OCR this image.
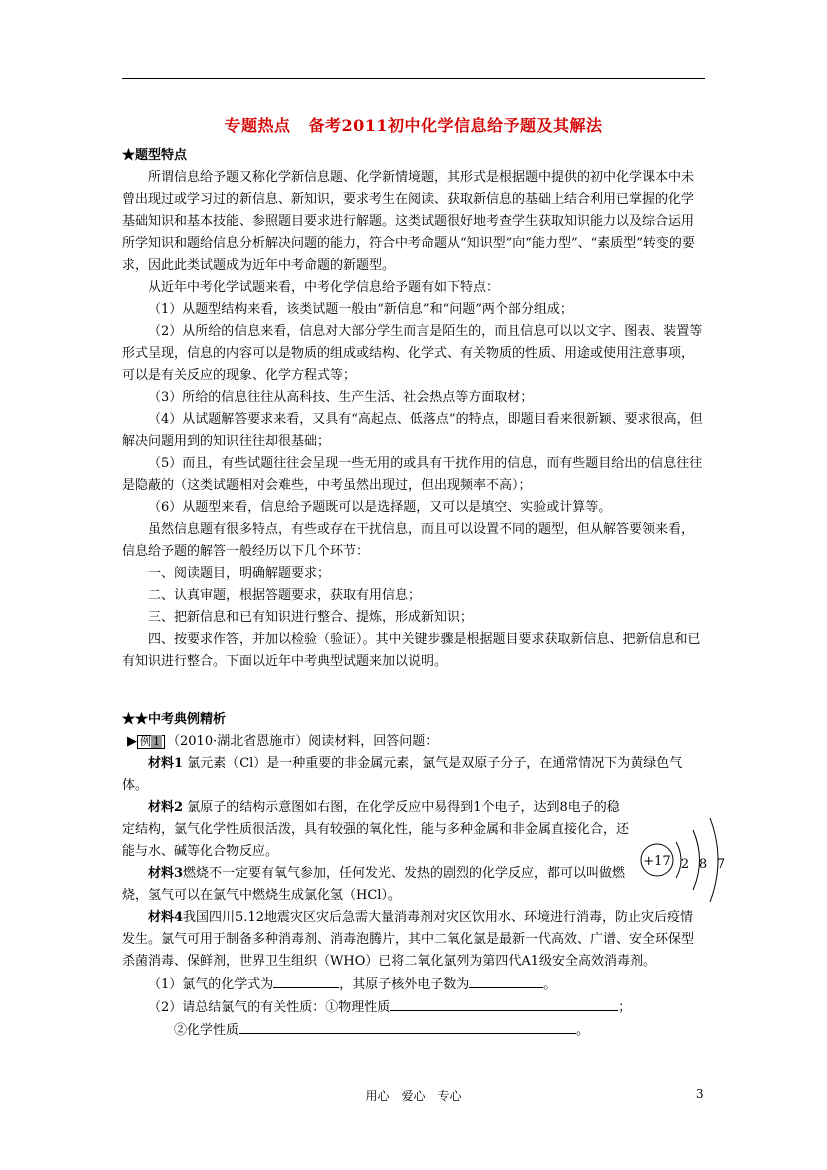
专题热点 备考2011初中化学信息给予题及其解法

★题型特点

所谓信息给予题又称化学新信息题、化学新情境题，其形式是根据题中提供的初中化学课本中未曾出现过或学习过的新信息、新知识，要求考生在阅读、获取新信息的基础上结合利用已掌握的化学基础知识和基本技能、参照题目要求进行解题。这类试题很好地考查学生获取知识能力以及综合运用所学知识和题给信息分析解决问题的能力，符合中考命题从“知识型”向“能力型”、“素质型”转变的要求，因此此类试题成为近年中考命题的新题型。

从近年中考化学试题来看，中考化学信息给予题有如下特点：

（1）从题型结构来看，该类试题一般由“新信息”和“问题”两个部分组成；

（2）从所给的信息来看，信息对大部分学生而言是陌生的，而且信息可以以文字、图表、装置等形式呈现，信息的内容可以是物质的组成或结构、化学式、有关物质的性质、用途或使用注意事项，可以是有关反应的现象、化学方程式等；

（3）所给的信息往往从高科技、生产生活、社会热点等方面取材；

（4）从试题解答要求来看，又具有“高起点、低落点”的特点，即题目看来很新颖、要求很高，但解决问题用到的知识往往却很基础；

（5）而且，有些试题往往会呈现一些无用的或具有干扰作用的信息，而有些题目给出的信息往往是隐蔽的（这类试题相对会难些，中考虽然出现过，但出现频率不高）；

（6）从题型来看，信息给予题既可以是选择题，又可以是填空、实验或计算等。

虽然信息题有很多特点，有些或存在干扰信息，而且可以设置不同的题型，但从解答要领来看，信息给予题的解答一般经历以下几个环节：

一、阅读题目，明确解题要求；

二、认真审题，根据答题要求，获取有用信息；

三、把新信息和已有知识进行整合、提炼，形成新知识；

四、按要求作答，并加以检验（验证）。其中关键步骤是根据题目要求获取新信息、把新信息和已有知识进行整合。下面以近年中考典型试题来加以说明。

★★中考典例精析

▶ 例 1 （2010·湖北省恩施市）阅读材料，回答问题：

材料1 氯元素（Cl）是一种重要的非金属元素，氯气是双原子分子，在通常情况下为黄绿色气体。

材料2 氯原子的结构示意图如右图，在化学反应中易得到1个电子，达到8电子的稳定结构，氯气化学性质很活泼，具有较强的氧化性，能与多种金属和非金属直接化合，还能与水、碱等化合物反应。

材料3燃烧不一定要有氧气参加，任何发光、发热的剧烈的化学反应，都可以叫做燃烧，氢气可以在氯气中燃烧生成氯化氢（HCl）。

材料4我国四川5.12地震灾区灾后急需大量消毒剂对灾区饮用水、环境进行消毒，防止灾后疫情发生。氯气可用于制备多种消毒剂、消毒泡腾片，其中二氧化氯是最新一代高效、广谱、安全环保型杀菌消毒、保鲜剂，世界卫生组织（WHO）已将二氧化氯列为第四代A1级安全高效消毒剂。

（1）氯气的化学式为	，其原子核外电子数为	。

（2）请总结氯气的有关性质：①物理性质	；

②化学性质	。

+17 2 8 7
用心　爱心　专心	3
